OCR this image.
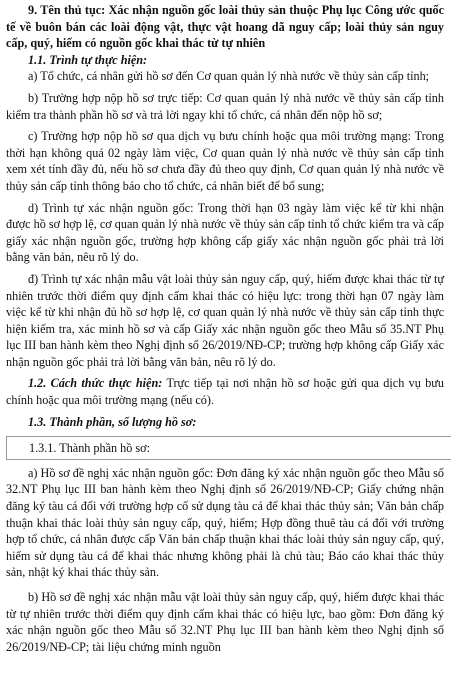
9. Tên thủ tục: Xác nhận nguồn gốc loài thủy sản thuộc Phụ lục Công ước quốc tế về buôn bán các loài động vật, thực vật hoang dã nguy cấp; loài thủy sản nguy cấp, quý, hiếm có nguồn gốc khai thác từ tự nhiên

1.1. Trình tự thực hiện:

a) Tổ chức, cá nhân gửi hồ sơ đến Cơ quan quản lý nhà nước về thủy sản cấp tỉnh;

b) Trường hợp nộp hồ sơ trực tiếp: Cơ quan quản lý nhà nước về thủy sản cấp tỉnh kiểm tra thành phần hồ sơ và trả lời ngay khi tổ chức, cá nhân đến nộp hồ sơ;

c) Trường hợp nộp hồ sơ qua dịch vụ bưu chính hoặc qua môi trường mạng: Trong thời hạn không quá 02 ngày làm việc, Cơ quan quản lý nhà nước về thủy sản cấp tỉnh xem xét tính đầy đủ, nếu hồ sơ chưa đầy đủ theo quy định, Cơ quan quản lý nhà nước về thủy sản cấp tỉnh thông báo cho tổ chức, cá nhân biết để bổ sung;

d) Trình tự xác nhận nguồn gốc: Trong thời hạn 03 ngày làm việc kể từ khi nhận được hồ sơ hợp lệ, cơ quan quản lý nhà nước về thủy sản cấp tỉnh tổ chức kiểm tra và cấp giấy xác nhận nguồn gốc, trường hợp không cấp giấy xác nhận nguồn gốc phải trả lời bằng văn bản, nêu rõ lý do.

đ) Trình tự xác nhận mẫu vật loài thủy sản nguy cấp, quý, hiếm được khai thác từ tự nhiên trước thời điểm quy định cấm khai thác có hiệu lực: trong thời hạn 07 ngày làm việc kể từ khi nhận đủ hồ sơ hợp lệ, cơ quan quản lý nhà nước về thủy sản cấp tỉnh thực hiện kiểm tra, xác minh hồ sơ và cấp Giấy xác nhận nguồn gốc theo Mẫu số 35.NT Phụ lục III ban hành kèm theo Nghị định số 26/2019/NĐ-CP; trường hợp không cấp Giấy xác nhận nguồn gốc phải trả lời bằng văn bản, nêu rõ lý do.

1.2. Cách thức thực hiện: Trực tiếp tại nơi nhận hồ sơ hoặc gửi qua dịch vụ bưu chính hoặc qua môi trường mạng (nếu có).

1.3. Thành phần, số lượng hồ sơ:

1.3.1. Thành phần hồ sơ:

a) Hồ sơ đề nghị xác nhận nguồn gốc: Đơn đăng ký xác nhận nguồn gốc theo Mẫu số 32.NT Phụ lục III ban hành kèm theo Nghị định số 26/2019/NĐ-CP; Giấy chứng nhận đăng ký tàu cá đối với trường hợp cố sử dụng tàu cá để khai thác thủy sản; Văn bản chấp thuận khai thác loài thủy sản nguy cấp, quý, hiếm; Hợp đồng thuê tàu cá đối với trường hợp tổ chức, cá nhân được cấp Văn bản chấp thuận khai thác loài thủy sản nguy cấp, quý, hiếm sử dụng tàu cá để khai thác nhưng không phải là chủ tàu; Báo cáo khai thác thủy sản, nhật ký khai thác thủy sản.

b) Hồ sơ đề nghị xác nhận mẫu vật loài thủy sản nguy cấp, quý, hiếm được khai thác từ tự nhiên trước thời điểm quy định cấm khai thác có hiệu lực, bao gồm: Đơn đăng ký xác nhận nguồn gốc theo Mẫu số 32.NT Phụ lục III ban hành kèm theo Nghị định số 26/2019/NĐ-CP; tài liệu chứng minh nguồn
